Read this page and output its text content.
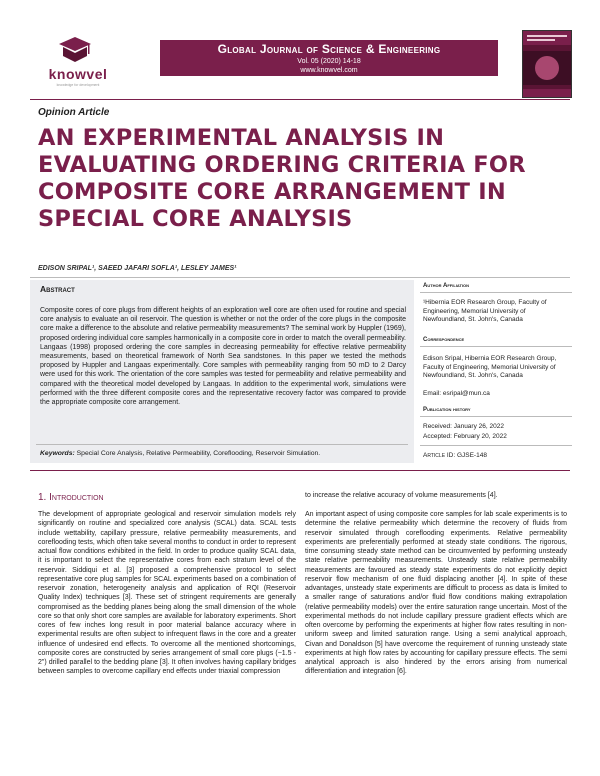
knowvel
knowledge for development
Global Journal of Science & Engineering
Vol. 05 (2020) 14-18
www.knowvel.com
Opinion Article
AN EXPERIMENTAL ANALYSIS IN EVALUATING ORDERING CRITERIA FOR COMPOSITE CORE ARRANGEMENT IN SPECIAL CORE ANALYSIS
EDISON SRIPAL¹, SAEED JAFARI SOFLA¹, LESLEY JAMES¹
Abstract
Composite cores of core plugs from different heights of an exploration well core are often used for routine and special core analysis to evaluate an oil reservoir. The question is whether or not the order of the core plugs in the composite core make a difference to the absolute and relative permeability measurements? The seminal work by Huppler (1969), proposed ordering individual core samples harmonically in a composite core in order to match the overall permeability. Langaas (1998) proposed ordering the core samples in decreasing permeability for effective relative permeability measurements, based on theoretical framework of North Sea sandstones. In this paper we tested the methods proposed by Huppler and Langaas experimentally. Core samples with permeability ranging from 50 mD to 2 Darcy were used for this work. The orientation of the core samples was tested for permeability and relative permeability and compared with the theoretical model developed by Langaas. In addition to the experimental work, simulations were performed with the three different composite cores and the representative recovery factor was compared to provide the appropriate composite core arrangement.
Keywords: Special Core Analysis, Relative Permeability, Coreflooding, Reservoir Simulation.
Author Affiliation
¹Hibernia EOR Research Group, Faculty of Engineering, Memorial University of Newfoundland, St. John's, Canada
Correspondence
Edison Sripal, Hibernia EOR Research Group, Faculty of Engineering, Memorial University of Newfoundland, St. John's, Canada
Email: esripal@mun.ca
Publication history
Received: January 26, 2022
Accepted: February 20, 2022
Article ID: GJSE-148
1. Introduction
The development of appropriate geological and reservoir simulation models rely significantly on routine and specialized core analysis (SCAL) data. SCAL tests include wettability, capillary pressure, relative permeability measurements, and coreflooding tests, which often take several months to conduct in order to represent actual flow conditions exhibited in the field. In order to produce quality SCAL data, it is important to select the representative cores from each stratum level of the reservoir. Siddiqui et al. [3] proposed a comprehensive protocol to select representative core plug samples for SCAL experiments based on a combination of reservoir zonation, heterogeneity analysis and application of RQI (Reservoir Quality Index) techniques [3]. These set of stringent requirements are generally compromised as the bedding planes being along the small dimension of the whole core so that only short core samples are available for laboratory experiments. Short cores of few inches long result in poor material balance accuracy where in experimental results are often subject to infrequent flaws in the core and a greater influence of undesired end effects. To overcome all the mentioned shortcomings, composite cores are constructed by series arrangement of small core plugs (~1.5 - 2") drilled parallel to the bedding plane [3]. It often involves having capillary bridges between samples to overcome capillary end effects under triaxial compression
to increase the relative accuracy of volume measurements [4].
An important aspect of using composite core samples for lab scale experiments is to determine the relative permeability which determine the recovery of fluids from reservoir simulated through coreflooding experiments. Relative permeability experiments are preferentially performed at steady state conditions. The rigorous, time consuming steady state method can be circumvented by performing unsteady state relative permeability measurements. Unsteady state relative permeability measurements are favoured as steady state experiments do not explicitly depict reservoir flow mechanism of one fluid displacing another [4]. In spite of these advantages, unsteady state experiments are difficult to process as data is limited to a smaller range of saturations and/or fluid flow conditions making extrapolation (relative permeability models) over the entire saturation range uncertain. Most of the experimental methods do not include capillary pressure gradient effects which are often overcome by performing the experiments at higher flow rates resulting in non-uniform sweep and limited saturation range. Using a semi analytical approach, Civan and Donaldson [5] have overcome the requirement of running unsteady state experiments at high flow rates by accounting for capillary pressure effects. The semi analytical approach is also hindered by the errors arising from numerical differentiation and integration [6].
